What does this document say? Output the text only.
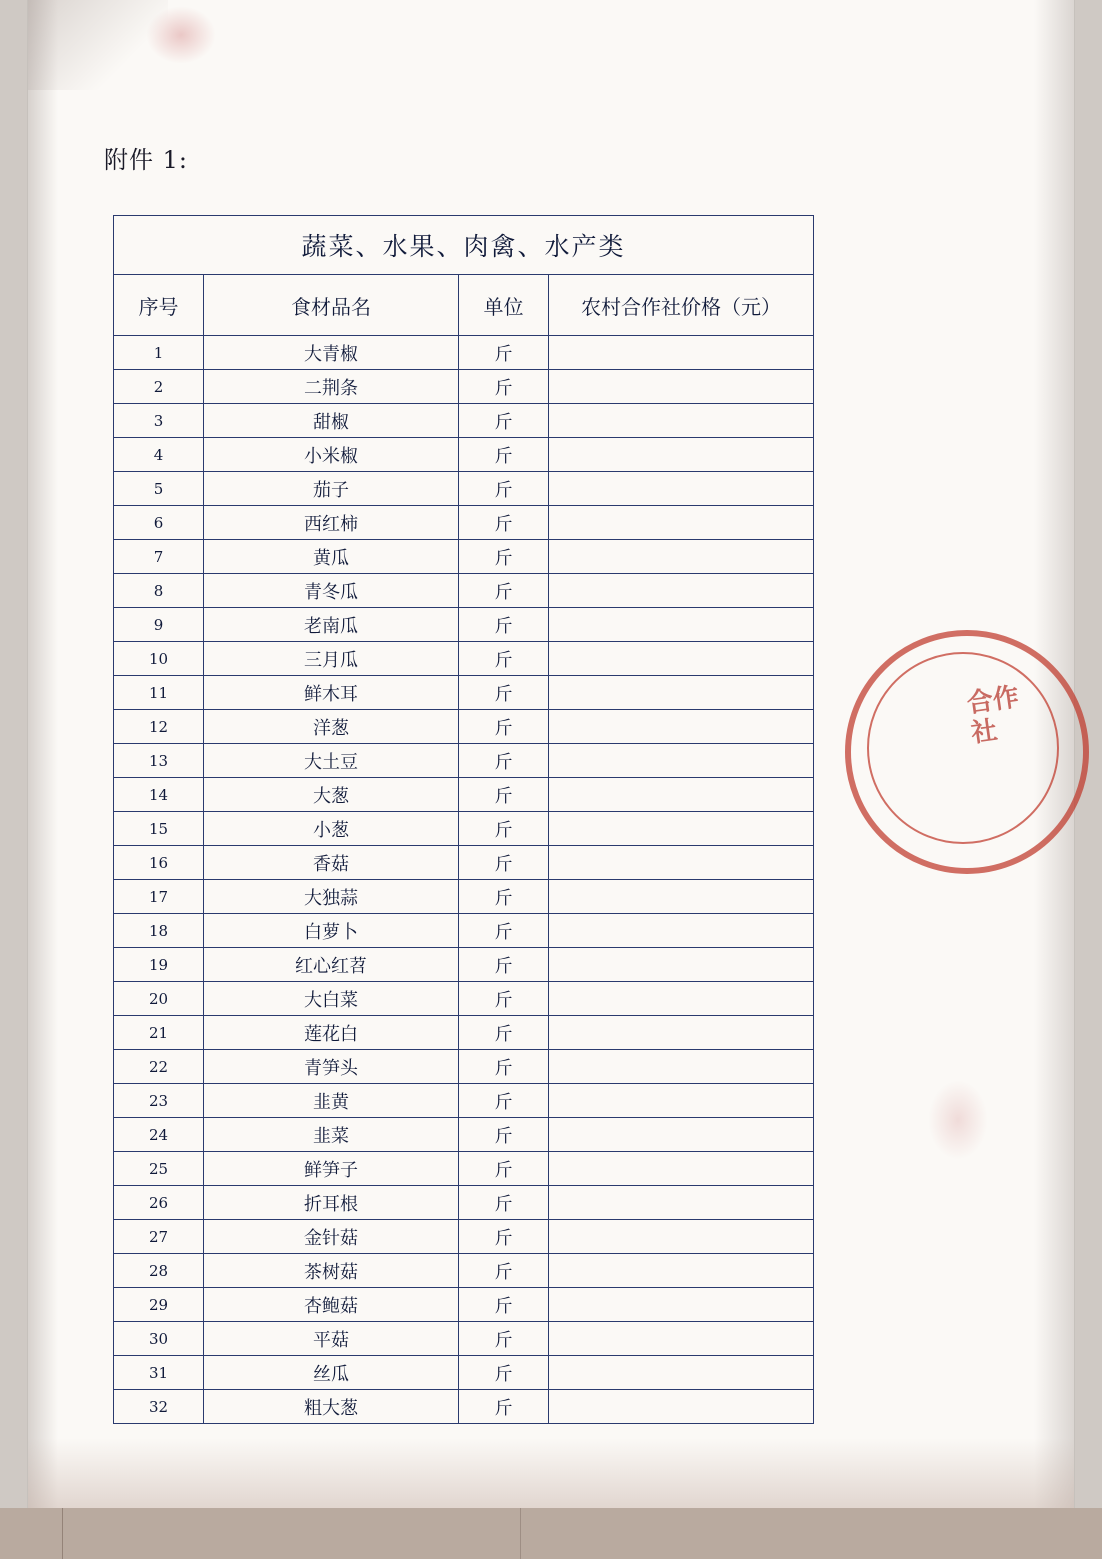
附件 1:
蔬菜、水果、肉禽、水产类			
序号	食材品名	单位	农村合作社价格（元）
1	大青椒	斤	
2	二荆条	斤	
3	甜椒	斤	
4	小米椒	斤	
5	茄子	斤	
6	西红柿	斤	
7	黄瓜	斤	
8	青冬瓜	斤	
9	老南瓜	斤	
10	三月瓜	斤	
11	鲜木耳	斤	
12	洋葱	斤	
13	大土豆	斤	
14	大葱	斤	
15	小葱	斤	
16	香菇	斤	
17	大独蒜	斤	
18	白萝卜	斤	
19	红心红苕	斤	
20	大白菜	斤	
21	莲花白	斤	
22	青笋头	斤	
23	韭黄	斤	
24	韭菜	斤	
25	鲜笋子	斤	
26	折耳根	斤	
27	金针菇	斤	
28	茶树菇	斤	
29	杏鲍菇	斤	
30	平菇	斤	
31	丝瓜	斤	
32	粗大葱	斤	
合作社
